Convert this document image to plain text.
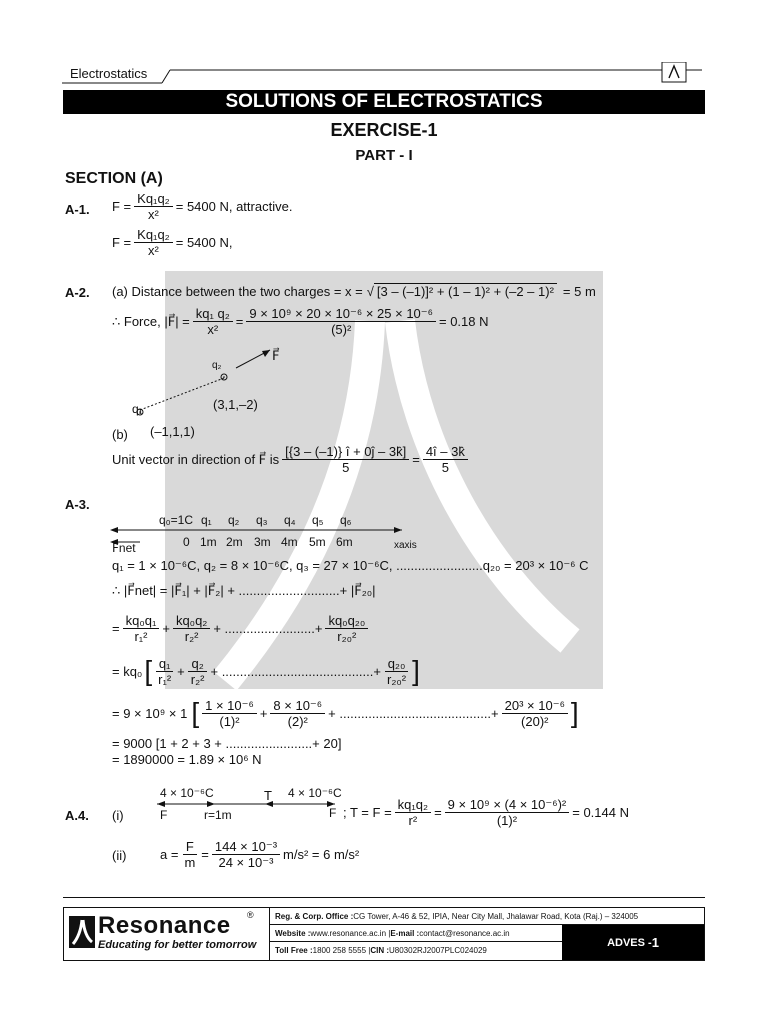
Electrostatics
SOLUTIONS OF ELECTROSTATICS
EXERCISE-1
PART - I
SECTION (A)
A-1. $F = \frac{\text{Kq₁q₂}}{\text{x²}} = 5400$ N, attractive.
$F = \frac{\text{Kq₁q₂}}{\text{x²}} = 5400$ N,
A-2. (a) Distance between the two charges = x = √ [3 – (–1)]² + (1 – 1)² + (–2 – 1)² = 5 m
∴ Force, |F⃗| = $\frac{\text{kq₁ q₂}}{\text{x²}} = \frac{\text{9 × 10⁹ × 20 × 10⁻⁶ × 25 × 10⁻⁶}}{\text{(5)²}} = 0.18$ N
q₂
q₁
F⃗
(3,1,–2)
(–1,1,1)
(b)
Unit vector in direction of F⃗ is $\frac{[\{3 - (-1)\} î + 0ĵ - 3k̂]}{5} = \frac{4î - 3k̂}{5}$
A-3.
q₀=1C q₁ q₂ q₃ q₄ q₅ q₆
0 1m 2m 3m 4m 5m 6m
F⃗net	xaxis
q₁ = 1 × 10⁻⁶C, q₂ = 8 × 10⁻⁶C, q₃ = 27 × 10⁻⁶C, ........................q₂₀ = 20³ × 10⁻⁶ C
∴ |F⃗net| = |F⃗₁| + |F⃗₂| + ............................+ |F⃗₂₀|
= $\frac{\text{kq₀q₁}}{\text{r₁²}} + \frac{\text{kq₀q₂}}{\text{r₂²}}$ + .........................+ $\frac{\text{kq₀q₂₀}}{\text{r₂₀²}}$
= kq₀ [ $\frac{\text{q₁}}{\text{r₁²}} + \frac{\text{q₂}}{\text{r₂²}}$ + ..........................................+ $\frac{\text{q₂₀}}{\text{r₂₀²}}$ ]
= 9 × 10⁹ × 1 [ $\frac{\text{1 × 10⁻⁶}}{\text{(1)²}} + \frac{\text{8 × 10⁻⁶}}{\text{(2)²}}$ + ..........................................+ $\frac{\text{20³ × 10⁻⁶}}{\text{(20)²}}$ ]
= 9000 [1 + 2 + 3 + ........................+ 20]
= 1890000 = 1.89 × 10⁶ N
4 × 10⁻⁶C	T 4 × 10⁻⁶C
A.4. (i)	F	r=1m	F ; $T = F = \frac{\text{kq₁q₂}}{\text{r²}} = \frac{\text{9 × 10⁹ × (4 × 10⁻⁶)²}}{\text{(1)²}} = 0.144$ N
(ii)	$a = \frac{F}{m} = \frac{\text{144 × 10⁻³}}{\text{24 × 10⁻³}} m/s^2 = 6$ m/s²
Resonance ®
Educating for better tomorrow
Reg. & Corp. Office : CG Tower, A-46 & 52, IPIA, Near City Mall, Jhalawar Road, Kota (Raj.) – 324005
Website : www.resonance.ac.in | E-mail : contact@resonance.ac.in
Toll Free : 1800 258 5555 | CIN : U80302RJ2007PLC024029
ADVES - 1
